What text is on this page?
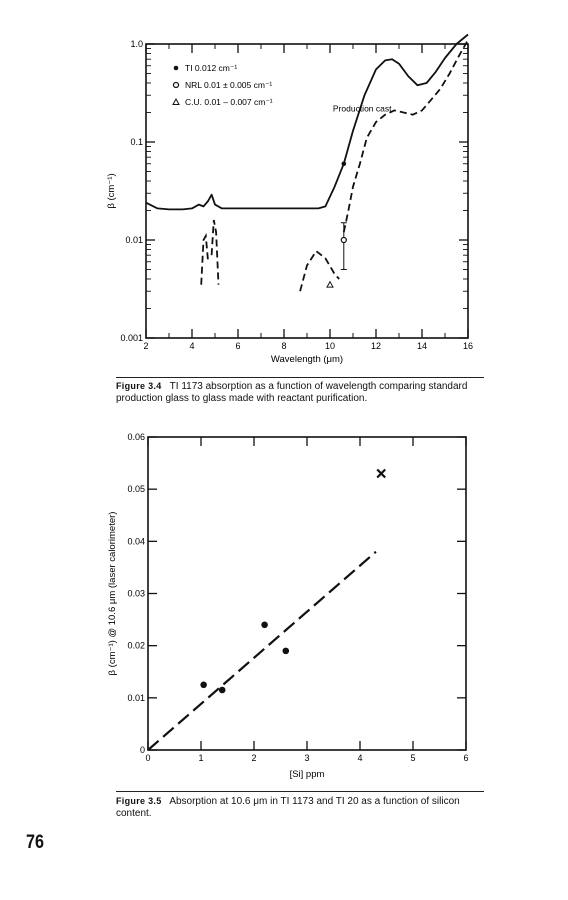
2	4	6	8	10	12	14	16
0.001
0.01
0.1
1.0
Wavelength (μm)
β (cm⁻¹)
Production cast
TI 0.012 cm⁻¹
NRL 0.01 ± 0.005 cm⁻¹
C.U. 0.01 – 0.007 cm⁻¹
0	1	2	3	4	5	6
0
0.01
0.02
0.03
0.04
0.05
0.06
[Si] ppm
β (cm⁻¹) @ 10.6 μm (laser calorimeter)
Figure 3.4 TI 1173 absorption as a function of wavelength comparing standard production glass to glass made with reactant purification.
Figure 3.5 Absorption at 10.6 μm in TI 1173 and TI 20 as a function of silicon content.
76
